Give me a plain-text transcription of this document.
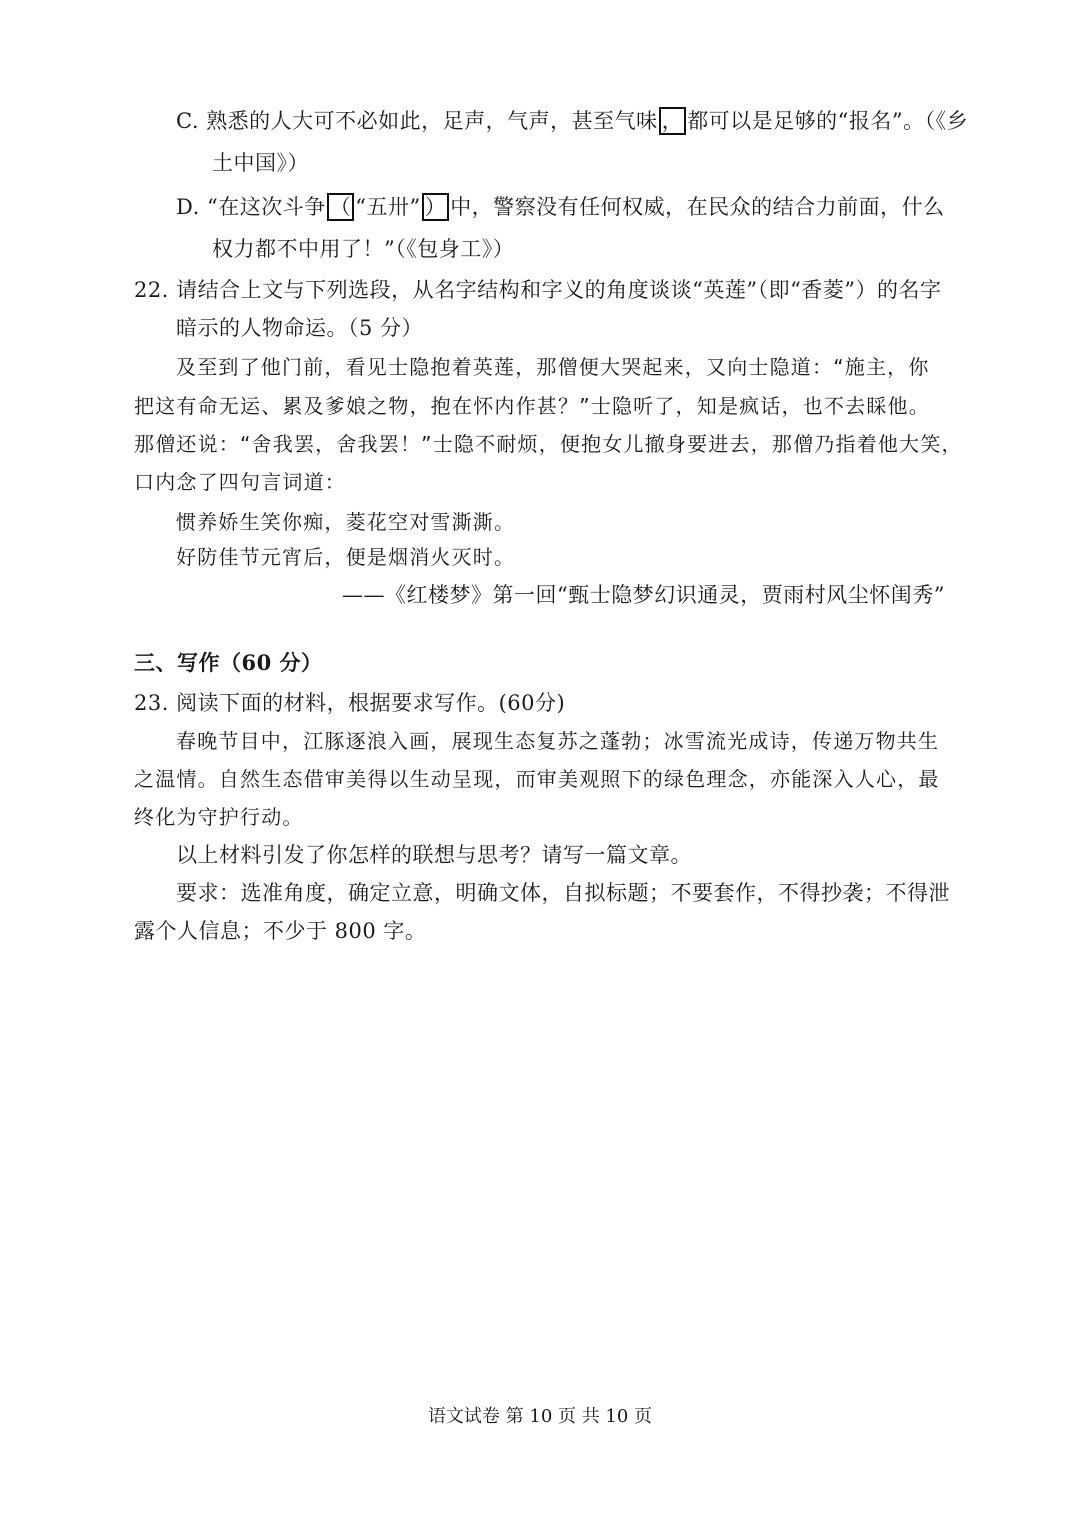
C. 熟悉的人大可不必如此，足声，气声，甚至气味 ， 都可以是足够的“报名”。（《乡
土中国》）
D. “在这次斗争 （ “五卅” ） 中，警察没有任何权威，在民众的结合力前面，什么
权力都不中用了！”（《包身工》）
22. 请结合上文与下列选段，从名字结构和字义的角度谈谈“英莲”（即“香菱”）的名字
暗示的人物命运。（5 分）
及至到了他门前，看见士隐抱着英莲，那僧便大哭起来，又向士隐道：“施主，你
把这有命无运、累及爹娘之物，抱在怀内作甚？”士隐听了，知是疯话，也不去睬他。
那僧还说：“舍我罢，舍我罢！”士隐不耐烦，便抱女儿撤身要进去，那僧乃指着他大笑，
口内念了四句言词道：
惯养娇生笑你痴，菱花空对雪澌澌。
好防佳节元宵后，便是烟消火灭时。
——《红楼梦》第一回“甄士隐梦幻识通灵，贾雨村风尘怀闺秀”
三、写作（60 分）
23. 阅读下面的材料，根据要求写作。(60分)
春晚节目中，江豚逐浪入画，展现生态复苏之蓬勃；冰雪流光成诗，传递万物共生
之温情。自然生态借审美得以生动呈现，而审美观照下的绿色理念，亦能深入人心，最
终化为守护行动。
以上材料引发了你怎样的联想与思考？请写一篇文章。
要求：选准角度，确定立意，明确文体，自拟标题；不要套作，不得抄袭；不得泄
露个人信息；不少于 800 字。
语文试卷 第 10 页 共 10 页
